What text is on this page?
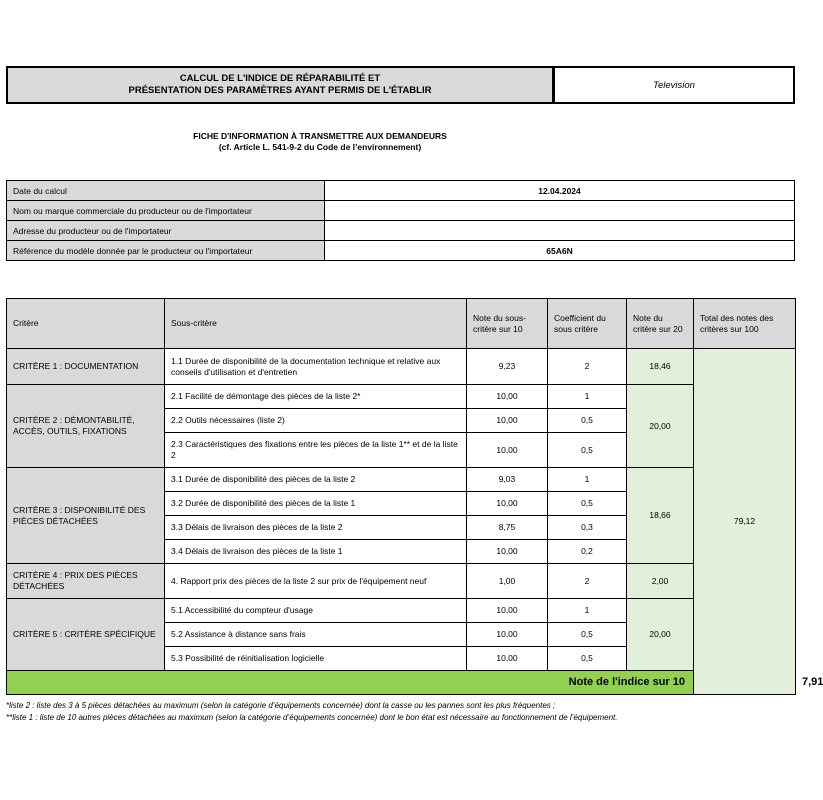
CALCUL DE L'INDICE DE RÉPARABILITÉ ET
PRÉSENTATION DES PARAMÈTRES AYANT PERMIS DE L'ÉTABLIR	Television
FICHE D'INFORMATION À TRANSMETTRE AUX DEMANDEURS
(cf. Article L. 541-9-2 du Code de l’environnement)
Date du calcul	12.04.2024
Nom ou marque commerciale du producteur ou de l'importateur	
Adresse du producteur ou de l'importateur	
Référence du modèle donnée par le producteur ou l'importateur	65A6N
Critère	Sous-critère	Note du sous-critère sur 10	Coefficient du sous critère	Note du critère sur 20	Total des notes des critères sur 100	
CRITÈRE 1 : DOCUMENTATION	1.1 Durée de disponibilité de la documentation technique et relative aux conseils d'utilisation et d'entretien	9,23	2	18,46	79,12	
CRITÈRE 2 : DÉMONTABILITÉ, ACCÈS, OUTILS, FIXATIONS	2.1 Facilité de démontage des pièces de la liste 2*	10,00	1	20,00		
	2.2 Outils nécessaires (liste 2)	10,00	0,5			
	2.3 Caractéristiques des fixations entre les pièces de la liste 1** et de la liste 2	10,00	0,5			
CRITÈRE 3 : DISPONIBILITÉ DES PIÈCES DÉTACHÉES	3.1 Durée de disponibilité des pièces de la liste 2	9,03	1	18,66		
	3.2 Durée de disponibilité des pièces de la liste 1	10,00	0,5			
	3.3 Délais de livraison des pièces de la liste 2	8,75	0,3			
	3.4 Délais de livraison des pièces de la liste 1	10,00	0,2			
CRITÈRE 4 : PRIX DES PIÈCES DÉTACHÉES	4. Rapport prix des pièces de la liste 2 sur prix de l'équipement neuf	1,00	2	2,00		
CRITÈRE 5 : CRITÈRE SPÉCIFIQUE	5.1 Accessibilité du compteur d'usage	10,00	1	20,00		
	5.2 Assistance à distance sans frais	10,00	0,5			
	5.3 Possibilité de réinitialisation logicielle	10,00	0,5			
Note de l'indice sur 10						7,91
*liste 2 : liste des 3 à 5 pièces détachées au maximum (selon la catégorie d’équipements concernée) dont la casse ou les pannes sont les plus fréquentes ;
**liste 1 : liste de 10 autres pièces détachées au maximum (selon la catégorie d’équipements concernée) dont le bon état est nécessaire au fonctionnement de l’équipement.
